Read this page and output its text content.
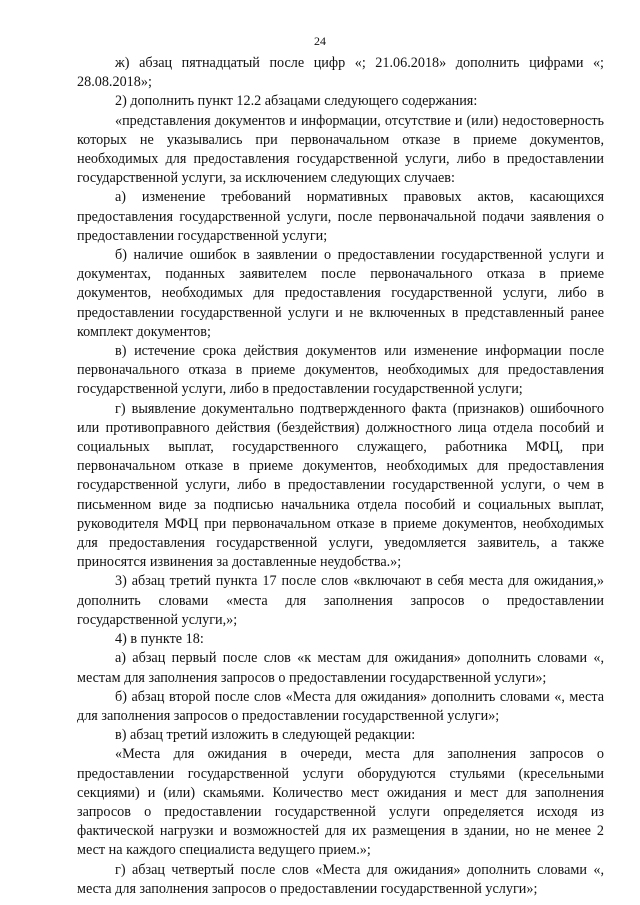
24

ж) абзац пятнадцатый после цифр «; 21.06.2018» дополнить цифрами «; 28.08.2018»;

2) дополнить пункт 12.2 абзацами следующего содержания:

«представления документов и информации, отсутствие и (или) недостоверность которых не указывались при первоначальном отказе в приеме документов, необходимых для предоставления государственной услуги, либо в предоставлении государственной услуги, за исключением следующих случаев:

а) изменение требований нормативных правовых актов, касающихся предоставления государственной услуги, после первоначальной подачи заявления о предоставлении государственной услуги;

б) наличие ошибок в заявлении о предоставлении государственной услуги и документах, поданных заявителем после первоначального отказа в приеме документов, необходимых для предоставления государственной услуги, либо в предоставлении государственной услуги и не включенных в представленный ранее комплект документов;

в) истечение срока действия документов или изменение информации после первоначального отказа в приеме документов, необходимых для предоставления государственной услуги, либо в предоставлении государственной услуги;

г) выявление документально подтвержденного факта (признаков) ошибочного или противоправного действия (бездействия) должностного лица отдела пособий и социальных выплат, государственного служащего, работника МФЦ, при первоначальном отказе в приеме документов, необходимых для предоставления государственной услуги, либо в предоставлении государственной услуги, о чем в письменном виде за подписью начальника отдела пособий и социальных выплат, руководителя МФЦ при первоначальном отказе в приеме документов, необходимых для предоставления государственной услуги, уведомляется заявитель, а также приносятся извинения за доставленные неудобства.»;

3) абзац третий пункта 17 после слов «включают в себя места для ожидания,» дополнить словами «места для заполнения запросов о предоставлении государственной услуги,»;

4) в пункте 18:

а) абзац первый после слов «к местам для ожидания» дополнить словами «, местам для заполнения запросов о предоставлении государственной услуги»;

б) абзац второй после слов «Места для ожидания» дополнить словами «, места для заполнения запросов о предоставлении государственной услуги»;

в) абзац третий изложить в следующей редакции:

«Места для ожидания в очереди, места для заполнения запросов о предоставлении государственной услуги оборудуются стульями (кресельными секциями) и (или) скамьями. Количество мест ожидания и мест для заполнения запросов о предоставлении государственной услуги определяется исходя из фактической нагрузки и возможностей для их размещения в здании, но не менее 2 мест на каждого специалиста ведущего прием.»;

г) абзац четвертый после слов «Места для ожидания» дополнить словами «, места для заполнения запросов о предоставлении государственной услуги»;
